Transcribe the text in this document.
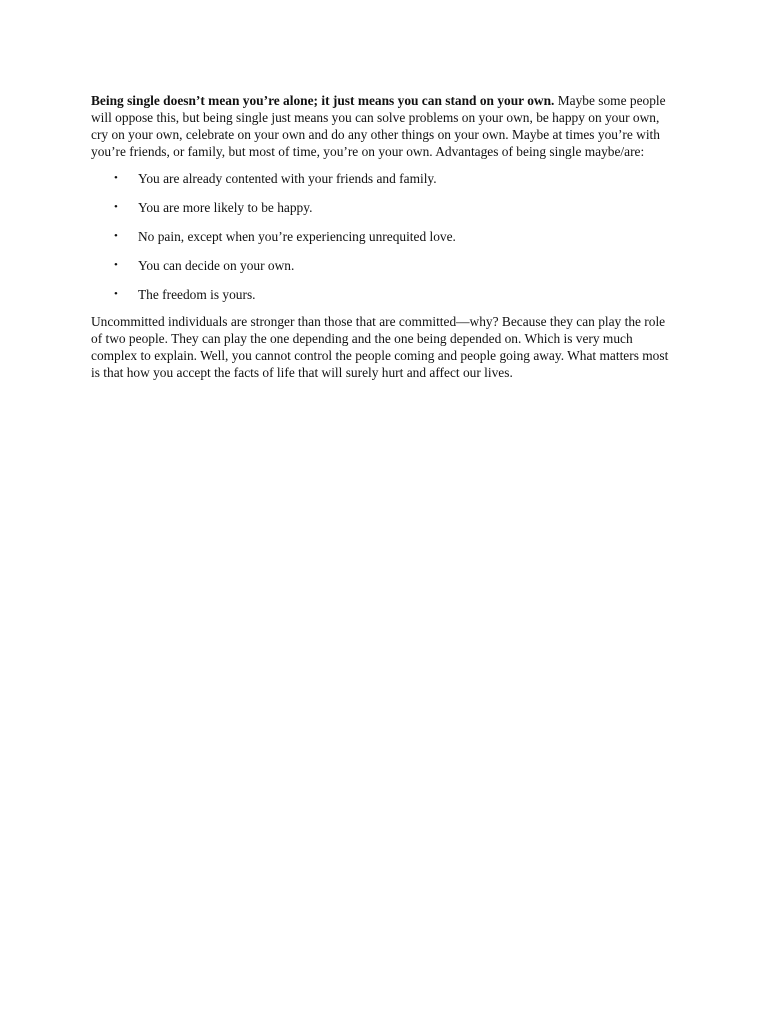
Being single doesn’t mean you’re alone; it just means you can stand on your own. Maybe some people will oppose this, but being single just means you can solve problems on your own, be happy on your own, cry on your own, celebrate on your own and do any other things on your own. Maybe at times you’re with you’re friends, or family, but most of time, you’re on your own. Advantages of being single maybe/are:

• You are already contented with your friends and family.
• You are more likely to be happy.
• No pain, except when you’re experiencing unrequited love.
• You can decide on your own.
• The freedom is yours.

Uncommitted individuals are stronger than those that are committed—why? Because they can play the role of two people. They can play the one depending and the one being depended on. Which is very much complex to explain. Well, you cannot control the people coming and people going away. What matters most is that how you accept the facts of life that will surely hurt and affect our lives.
